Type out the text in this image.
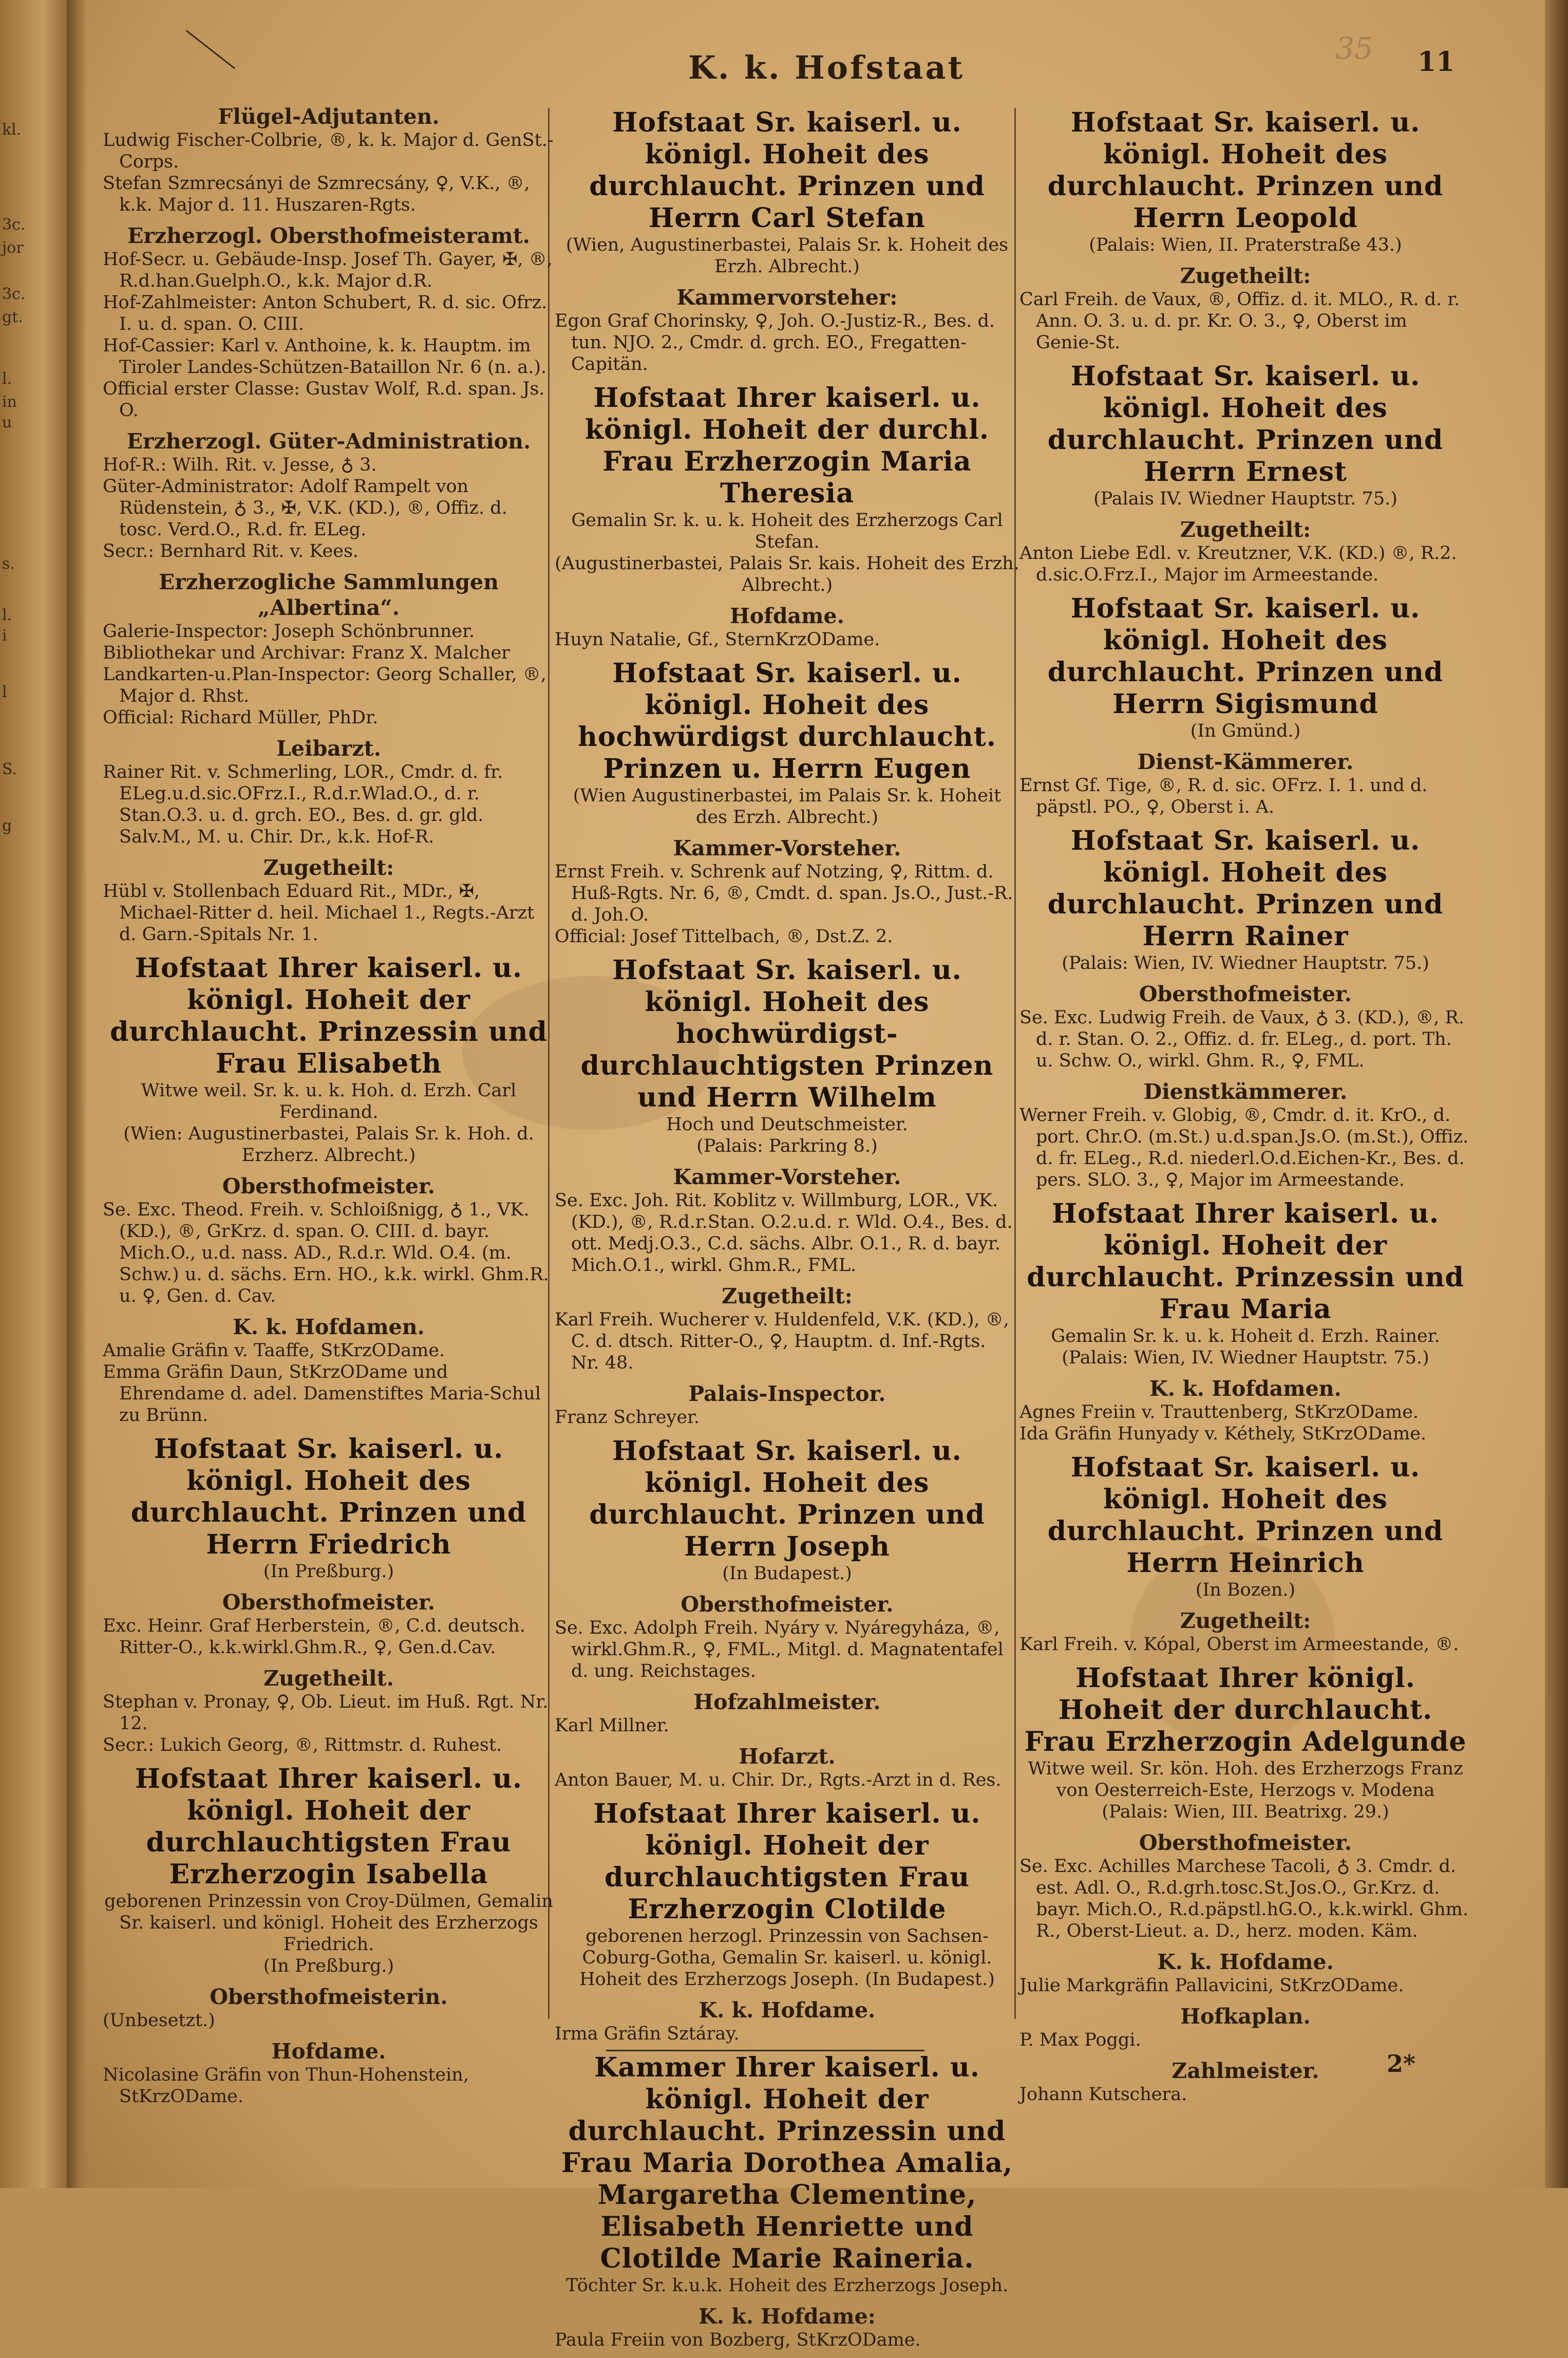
kl.
3c.
jor
3c.
gt.
l.
in
u
s.
l.
i
l
S.
g
K. k. Hofstaat
35 11
Flügel-Adjutanten.
Ludwig Fischer-Colbrie, ®, k. k. Major d. GenSt.-Corps.
Stefan Szmrecsányi de Szmrecsány, ♀, V.K., ®, k.k. Major d. 11. Huszaren-Rgts.
Erzherzogl. Obersthofmeisteramt.
Hof-Secr. u. Gebäude-Insp. Josef Th. Gayer, ✠, ®, R.d.han.Guelph.O., k.k. Major d.R.
Hof-Zahlmeister: Anton Schubert, R. d. sic. Ofrz. I. u. d. span. O. CIII.
Hof-Cassier: Karl v. Anthoine, k. k. Hauptm. im Tiroler Landes-Schützen-Bataillon Nr. 6 (n. a.).
Official erster Classe: Gustav Wolf, R.d. span. Js. O.
Erzherzogl. Güter-Administration.
Hof-R.: Wilh. Rit. v. Jesse, ♁ 3.
Güter-Administrator: Adolf Rampelt von Rüdenstein, ♁ 3., ✠, V.K. (KD.), ®, Offiz. d. tosc. Verd.O., R.d. fr. ELeg.
Secr.: Bernhard Rit. v. Kees.
Erzherzogliche Sammlungen „Albertina“.
Galerie-Inspector: Joseph Schönbrunner.
Bibliothekar und Archivar: Franz X. Malcher
Landkarten-u.Plan-Inspector: Georg Schaller, ®, Major d. Rhst.
Official: Richard Müller, PhDr.
Leibarzt.
Rainer Rit. v. Schmerling, LOR., Cmdr. d. fr. ELeg.u.d.sic.OFrz.I., R.d.r.Wlad.O., d. r. Stan.O.3. u. d. grch. EO., Bes. d. gr. gld. Salv.M., M. u. Chir. Dr., k.k. Hof-R.
Zugetheilt:
Hübl v. Stollenbach Eduard Rit., MDr., ✠, Michael-Ritter d. heil. Michael 1., Regts.-Arzt d. Garn.-Spitals Nr. 1.
Hofstaat Ihrer kaiserl. u. königl. Hoheit der durchlaucht. Prinzessin und Frau Elisabeth
Witwe weil. Sr. k. u. k. Hoh. d. Erzh. Carl Ferdinand.
(Wien: Augustinerbastei, Palais Sr. k. Hoh. d. Erzherz. Albrecht.)
Obersthofmeister.
Se. Exc. Theod. Freih. v. Schloißnigg, ♁ 1., VK. (KD.), ®, GrKrz. d. span. O. CIII. d. bayr. Mich.O., u.d. nass. AD., R.d.r. Wld. O.4. (m. Schw.) u. d. sächs. Ern. HO., k.k. wirkl. Ghm.R. u. ♀, Gen. d. Cav.
K. k. Hofdamen.
Amalie Gräfin v. Taaffe, StKrzODame.
Emma Gräfin Daun, StKrzODame und Ehrendame d. adel. Damenstiftes Maria-Schul zu Brünn.
Hofstaat Sr. kaiserl. u. königl. Hoheit des durchlaucht. Prinzen und Herrn Friedrich
(In Preßburg.)
Obersthofmeister.
Exc. Heinr. Graf Herberstein, ®, C.d. deutsch. Ritter-O., k.k.wirkl.Ghm.R., ♀, Gen.d.Cav.
Zugetheilt.
Stephan v. Pronay, ♀, Ob. Lieut. im Huß. Rgt. Nr. 12.
Secr.: Lukich Georg, ®, Rittmstr. d. Ruhest.
Hofstaat Ihrer kaiserl. u. königl. Hoheit der durchlauchtigsten Frau Erzherzogin Isabella
geborenen Prinzessin von Croy-Dülmen, Gemalin Sr. kaiserl. und königl. Hoheit des Erzherzogs Friedrich.
(In Preßburg.)
Obersthofmeisterin.
(Unbesetzt.)
Hofdame.
Nicolasine Gräfin von Thun-Hohenstein, StKrzODame.
Hofstaat Sr. kaiserl. u. königl. Hoheit des durchlaucht. Prinzen und Herrn Carl Stefan
(Wien, Augustinerbastei, Palais Sr. k. Hoheit des Erzh. Albrecht.)
Kammervorsteher:
Egon Graf Chorinsky, ♀, Joh. O.-Justiz-R., Bes. d. tun. NJO. 2., Cmdr. d. grch. EO., Fregatten-Capitän.
Hofstaat Ihrer kaiserl. u. königl. Hoheit der durchl. Frau Erzherzogin Maria Theresia
Gemalin Sr. k. u. k. Hoheit des Erzherzogs Carl Stefan.
(Augustinerbastei, Palais Sr. kais. Hoheit des Erzh. Albrecht.)
Hofdame.
Huyn Natalie, Gf., SternKrzODame.
Hofstaat Sr. kaiserl. u. königl. Hoheit des hochwürdigst durchlaucht. Prinzen u. Herrn Eugen
(Wien Augustinerbastei, im Palais Sr. k. Hoheit des Erzh. Albrecht.)
Kammer-Vorsteher.
Ernst Freih. v. Schrenk auf Notzing, ♀, Rittm. d. Huß-Rgts. Nr. 6, ®, Cmdt. d. span. Js.O., Just.-R. d. Joh.O.
Official: Josef Tittelbach, ®, Dst.Z. 2.
Hofstaat Sr. kaiserl. u. königl. Hoheit des hochwürdigst-durchlauchtigsten Prinzen und Herrn Wilhelm
Hoch und Deutschmeister.
(Palais: Parkring 8.)
Kammer-Vorsteher.
Se. Exc. Joh. Rit. Koblitz v. Willmburg, LOR., VK. (KD.), ®, R.d.r.Stan. O.2.u.d. r. Wld. O.4., Bes. d. ott. Medj.O.3., C.d. sächs. Albr. O.1., R. d. bayr. Mich.O.1., wirkl. Ghm.R., FML.
Zugetheilt:
Karl Freih. Wucherer v. Huldenfeld, V.K. (KD.), ®, C. d. dtsch. Ritter-O., ♀, Hauptm. d. Inf.-Rgts. Nr. 48.
Palais-Inspector.
Franz Schreyer.
Hofstaat Sr. kaiserl. u. königl. Hoheit des durchlaucht. Prinzen und Herrn Joseph
(In Budapest.)
Obersthofmeister.
Se. Exc. Adolph Freih. Nyáry v. Nyáregyháza, ®, wirkl.Ghm.R., ♀, FML., Mitgl. d. Magnatentafel d. ung. Reichstages.
Hofzahlmeister.
Karl Millner.
Hofarzt.
Anton Bauer, M. u. Chir. Dr., Rgts.-Arzt in d. Res.
Hofstaat Ihrer kaiserl. u. königl. Hoheit der durchlauchtigsten Frau Erzherzogin Clotilde
geborenen herzogl. Prinzessin von Sachsen-Coburg-Gotha, Gemalin Sr. kaiserl. u. königl. Hoheit des Erzherzogs Joseph. (In Budapest.)
K. k. Hofdame.
Irma Gräfin Sztáray.
Kammer Ihrer kaiserl. u. königl. Hoheit der durchlaucht. Prinzessin und Frau Maria Dorothea Amalia, Margaretha Clementine, Elisabeth Henriette und Clotilde Marie Raineria.
Töchter Sr. k.u.k. Hoheit des Erzherzogs Joseph.
K. k. Hofdame:
Paula Freiin von Bozberg, StKrzODame.
Hofstaat Sr. kaiserl. u. königl. Hoheit des durchlaucht. Prinzen und Herrn Leopold
(Palais: Wien, II. Praterstraße 43.)
Zugetheilt:
Carl Freih. de Vaux, ®, Offiz. d. it. MLO., R. d. r. Ann. O. 3. u. d. pr. Kr. O. 3., ♀, Oberst im Genie-St.
Hofstaat Sr. kaiserl. u. königl. Hoheit des durchlaucht. Prinzen und Herrn Ernest
(Palais IV. Wiedner Hauptstr. 75.)
Zugetheilt:
Anton Liebe Edl. v. Kreutzner, V.K. (KD.) ®, R.2. d.sic.O.Frz.I., Major im Armeestande.
Hofstaat Sr. kaiserl. u. königl. Hoheit des durchlaucht. Prinzen und Herrn Sigismund
(In Gmünd.)
Dienst-Kämmerer.
Ernst Gf. Tige, ®, R. d. sic. OFrz. I. 1. und d. päpstl. PO., ♀, Oberst i. A.
Hofstaat Sr. kaiserl. u. königl. Hoheit des durchlaucht. Prinzen und Herrn Rainer
(Palais: Wien, IV. Wiedner Hauptstr. 75.)
Obersthofmeister.
Se. Exc. Ludwig Freih. de Vaux, ♁ 3. (KD.), ®, R. d. r. Stan. O. 2., Offiz. d. fr. ELeg., d. port. Th. u. Schw. O., wirkl. Ghm. R., ♀, FML.
Dienstkämmerer.
Werner Freih. v. Globig, ®, Cmdr. d. it. KrO., d. port. Chr.O. (m.St.) u.d.span.Js.O. (m.St.), Offiz. d. fr. ELeg., R.d. niederl.O.d.Eichen-Kr., Bes. d. pers. SLO. 3., ♀, Major im Armeestande.
Hofstaat Ihrer kaiserl. u. königl. Hoheit der durchlaucht. Prinzessin und Frau Maria
Gemalin Sr. k. u. k. Hoheit d. Erzh. Rainer.
(Palais: Wien, IV. Wiedner Hauptstr. 75.)
K. k. Hofdamen.
Agnes Freiin v. Trauttenberg, StKrzODame.
Ida Gräfin Hunyady v. Kéthely, StKrzODame.
Hofstaat Sr. kaiserl. u. königl. Hoheit des durchlaucht. Prinzen und Herrn Heinrich
(In Bozen.)
Zugetheilt:
Karl Freih. v. Kópal, Oberst im Armeestande, ®.
Hofstaat Ihrer königl. Hoheit der durchlaucht. Frau Erzherzogin Adelgunde
Witwe weil. Sr. kön. Hoh. des Erzherzogs Franz von Oesterreich-Este, Herzogs v. Modena
(Palais: Wien, III. Beatrixg. 29.)
Obersthofmeister.
Se. Exc. Achilles Marchese Tacoli, ♁ 3. Cmdr. d. est. Adl. O., R.d.grh.tosc.St.Jos.O., Gr.Krz. d. bayr. Mich.O., R.d.päpstl.hG.O., k.k.wirkl. Ghm. R., Oberst-Lieut. a. D., herz. moden. Käm.
K. k. Hofdame.
Julie Markgräfin Pallavicini, StKrzODame.
Hofkaplan.
P. Max Poggi.
Zahlmeister.
Johann Kutschera.
2*
